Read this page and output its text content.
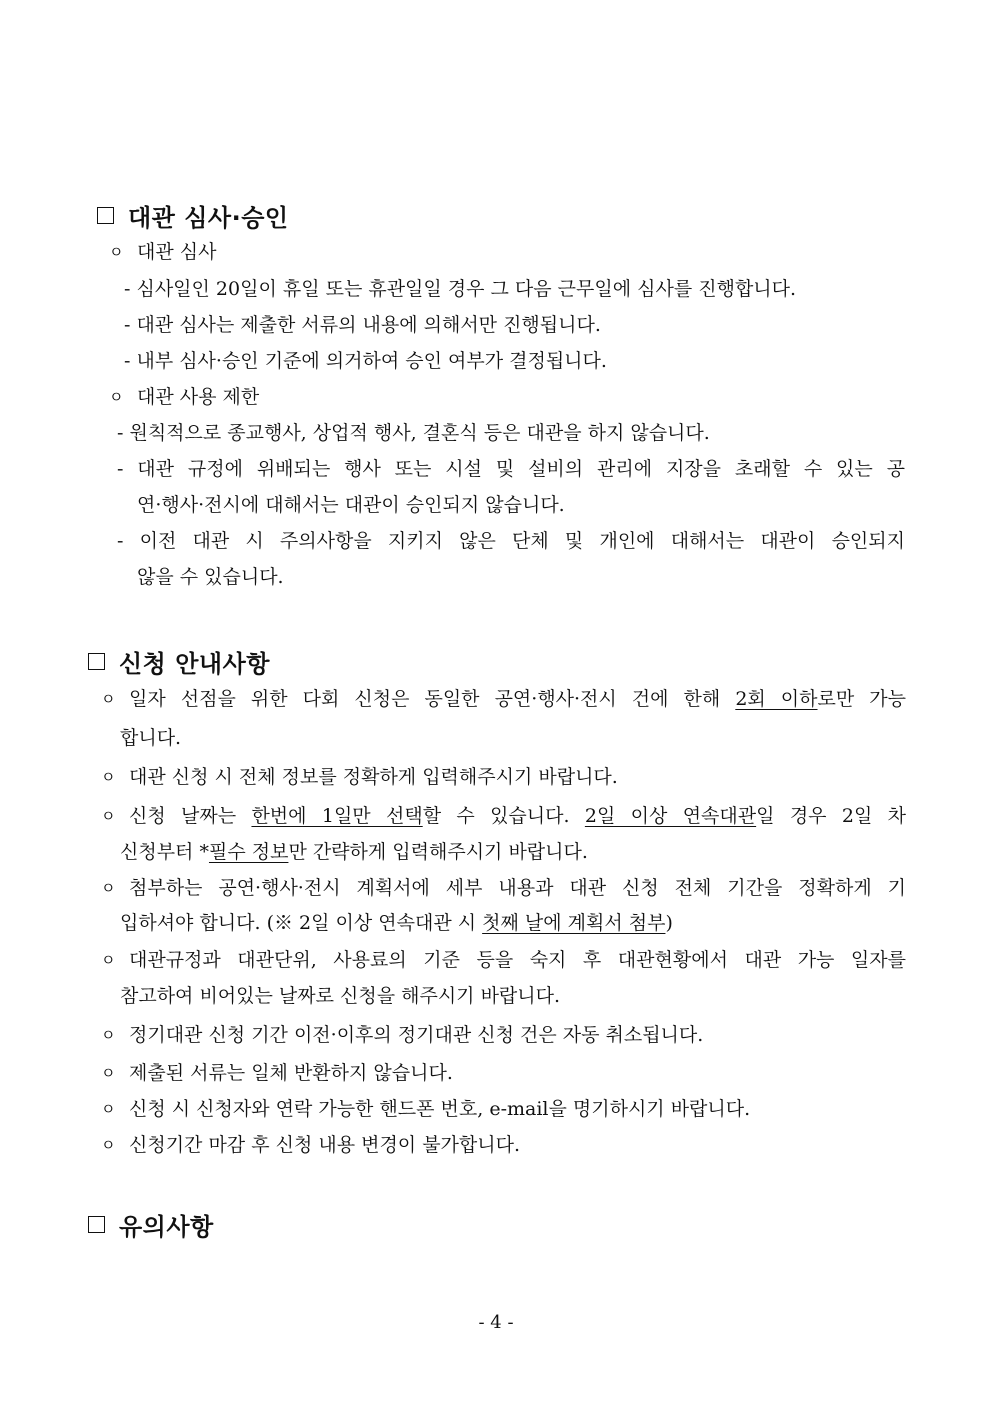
대관 심사·승인
ㅇ 대관 심사
- 심사일인 20일이 휴일 또는 휴관일일 경우 그 다음 근무일에 심사를 진행합니다.
- 대관 심사는 제출한 서류의 내용에 의해서만 진행됩니다.
- 내부 심사·승인 기준에 의거하여 승인 여부가 결정됩니다.
ㅇ 대관 사용 제한
- 원칙적으로 종교행사, 상업적 행사, 결혼식 등은 대관을 하지 않습니다.
- 대관 규정에 위배되는 행사 또는 시설 및 설비의 관리에 지장을 초래할 수 있는 공
연·행사·전시에 대해서는 대관이 승인되지 않습니다.
- 이전 대관 시 주의사항을 지키지 않은 단체 및 개인에 대해서는 대관이 승인되지
않을 수 있습니다.
신청 안내사항
ㅇ 일자 선점을 위한 다회 신청은 동일한 공연·행사·전시 건에 한해 2회 이하로만 가능
합니다.
ㅇ 대관 신청 시 전체 정보를 정확하게 입력해주시기 바랍니다.
ㅇ 신청 날짜는 한번에 1일만 선택할 수 있습니다. 2일 이상 연속대관일 경우 2일 차
신청부터 *필수 정보만 간략하게 입력해주시기 바랍니다.
ㅇ 첨부하는 공연·행사·전시 계획서에 세부 내용과 대관 신청 전체 기간을 정확하게 기
입하셔야 합니다. (※ 2일 이상 연속대관 시 첫째 날에 계획서 첨부)
ㅇ 대관규정과 대관단위, 사용료의 기준 등을 숙지 후 대관현황에서 대관 가능 일자를
참고하여 비어있는 날짜로 신청을 해주시기 바랍니다.
ㅇ 정기대관 신청 기간 이전·이후의 정기대관 신청 건은 자동 취소됩니다.
ㅇ 제출된 서류는 일체 반환하지 않습니다.
ㅇ 신청 시 신청자와 연락 가능한 핸드폰 번호, e-mail을 명기하시기 바랍니다.
ㅇ 신청기간 마감 후 신청 내용 변경이 불가합니다.
유의사항
- 4 -
